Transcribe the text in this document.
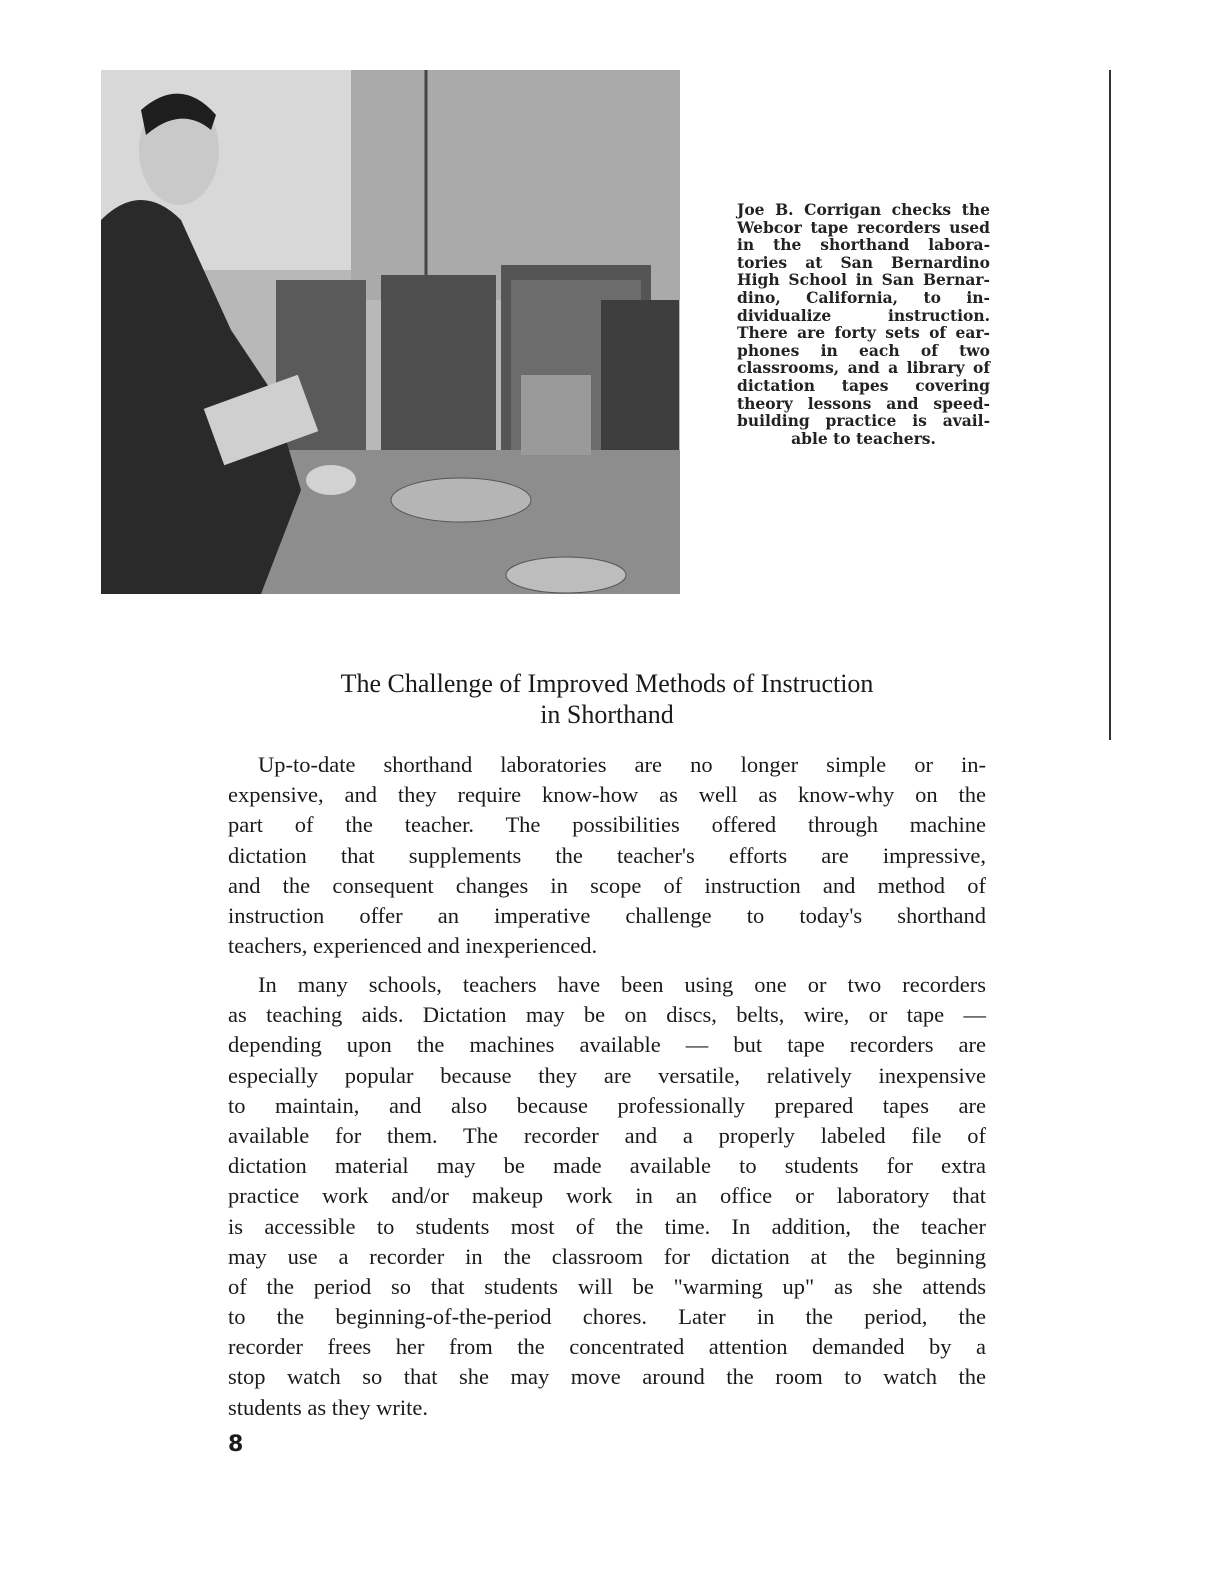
Joe B. Corrigan checks the
Webcor tape recorders used
in the shorthand labora-
tories at San Bernardino
High School in San Bernar-
dino, California, to in-
dividualize instruction.
There are forty sets of ear-
phones in each of two
classrooms, and a library of
dictation tapes covering
theory lessons and speed-
building practice is avail-
able to teachers.
The Challenge of Improved Methods of Instruction
in Shorthand
Up-to-date shorthand laboratories are no longer simple or in-
expensive, and they require know-how as well as know-why on the
part of the teacher. The possibilities offered through machine
dictation that supplements the teacher's efforts are impressive,
and the consequent changes in scope of instruction and method of
instruction offer an imperative challenge to today's shorthand
teachers, experienced and inexperienced.
In many schools, teachers have been using one or two recorders
as teaching aids. Dictation may be on discs, belts, wire, or tape —
depending upon the machines available — but tape recorders are
especially popular because they are versatile, relatively inexpensive
to maintain, and also because professionally prepared tapes are
available for them. The recorder and a properly labeled file of
dictation material may be made available to students for extra
practice work and/or makeup work in an office or laboratory that
is accessible to students most of the time. In addition, the teacher
may use a recorder in the classroom for dictation at the beginning
of the period so that students will be "warming up" as she attends
to the beginning-of-the-period chores. Later in the period, the
recorder frees her from the concentrated attention demanded by a
stop watch so that she may move around the room to watch the
students as they write.
8
